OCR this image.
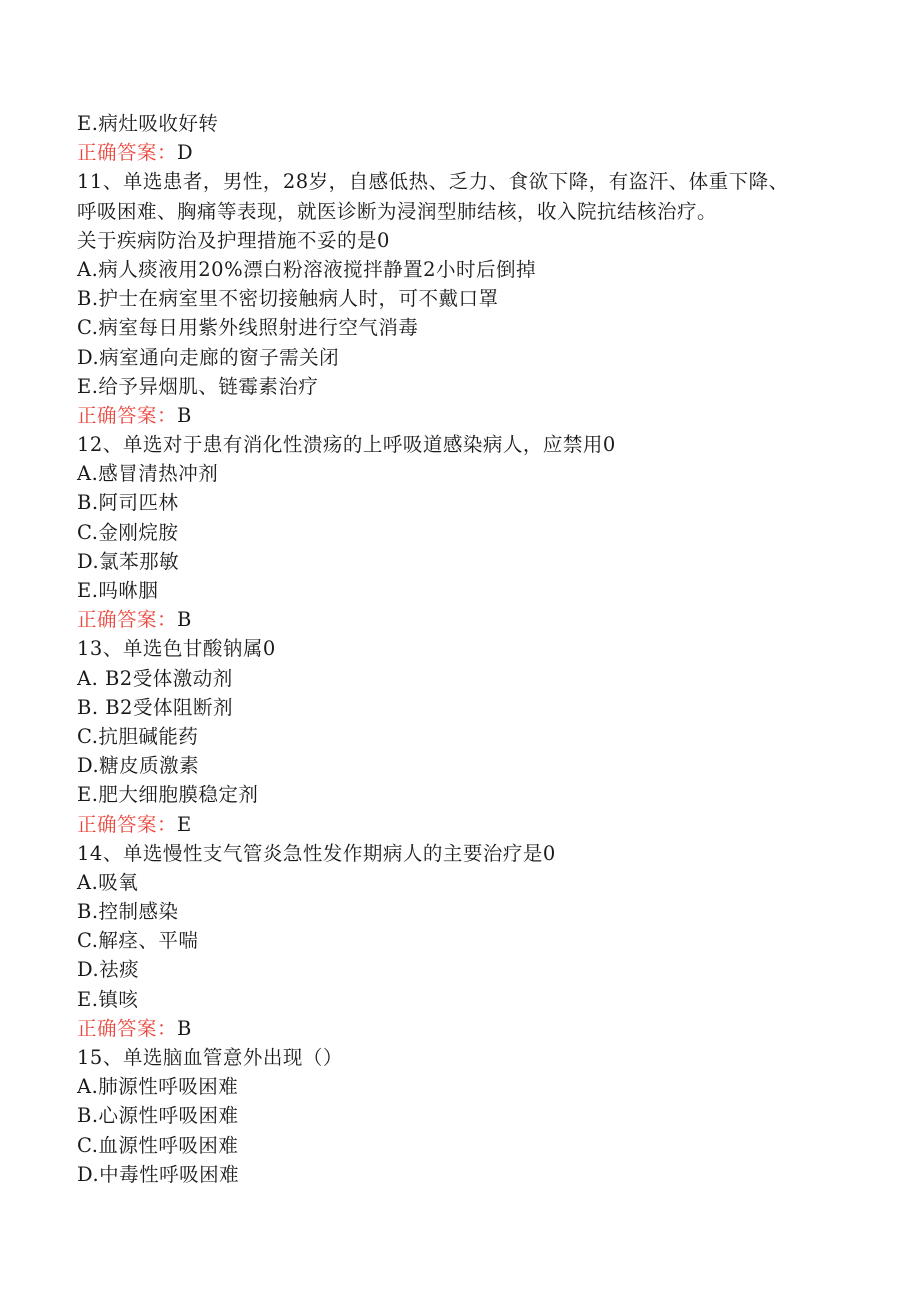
E.病灶吸收好转
正确答案：D
11、单选患者，男性，28岁，自感低热、乏力、食欲下降，有盗汗、体重下降、
呼吸困难、胸痛等表现，就医诊断为浸润型肺结核，收入院抗结核治疗。
关于疾病防治及护理措施不妥的是0
A.病人痰液用20%漂白粉溶液搅拌静置2小时后倒掉
B.护士在病室里不密切接触病人时，可不戴口罩
C.病室每日用紫外线照射进行空气消毒
D.病室通向走廊的窗子需关闭
E.给予异烟肌、链霉素治疗
正确答案：B
12、单选对于患有消化性溃疡的上呼吸道感染病人，应禁用0
A.感冒清热冲剂
B.阿司匹林
C.金刚烷胺
D.氯苯那敏
E.吗咻胭
正确答案：B
13、单选色甘酸钠属0
A. B2受体激动剂
B. B2受体阻断剂
C.抗胆碱能药
D.糖皮质激素
E.肥大细胞膜稳定剂
正确答案：E
14、单选慢性支气管炎急性发作期病人的主要治疗是0
A.吸氧
B.控制感染
C.解痉、平喘
D.祛痰
E.镇咳
正确答案：B
15、单选脑血管意外出现（）
A.肺源性呼吸困难
B.心源性呼吸困难
C.血源性呼吸困难
D.中毒性呼吸困难
